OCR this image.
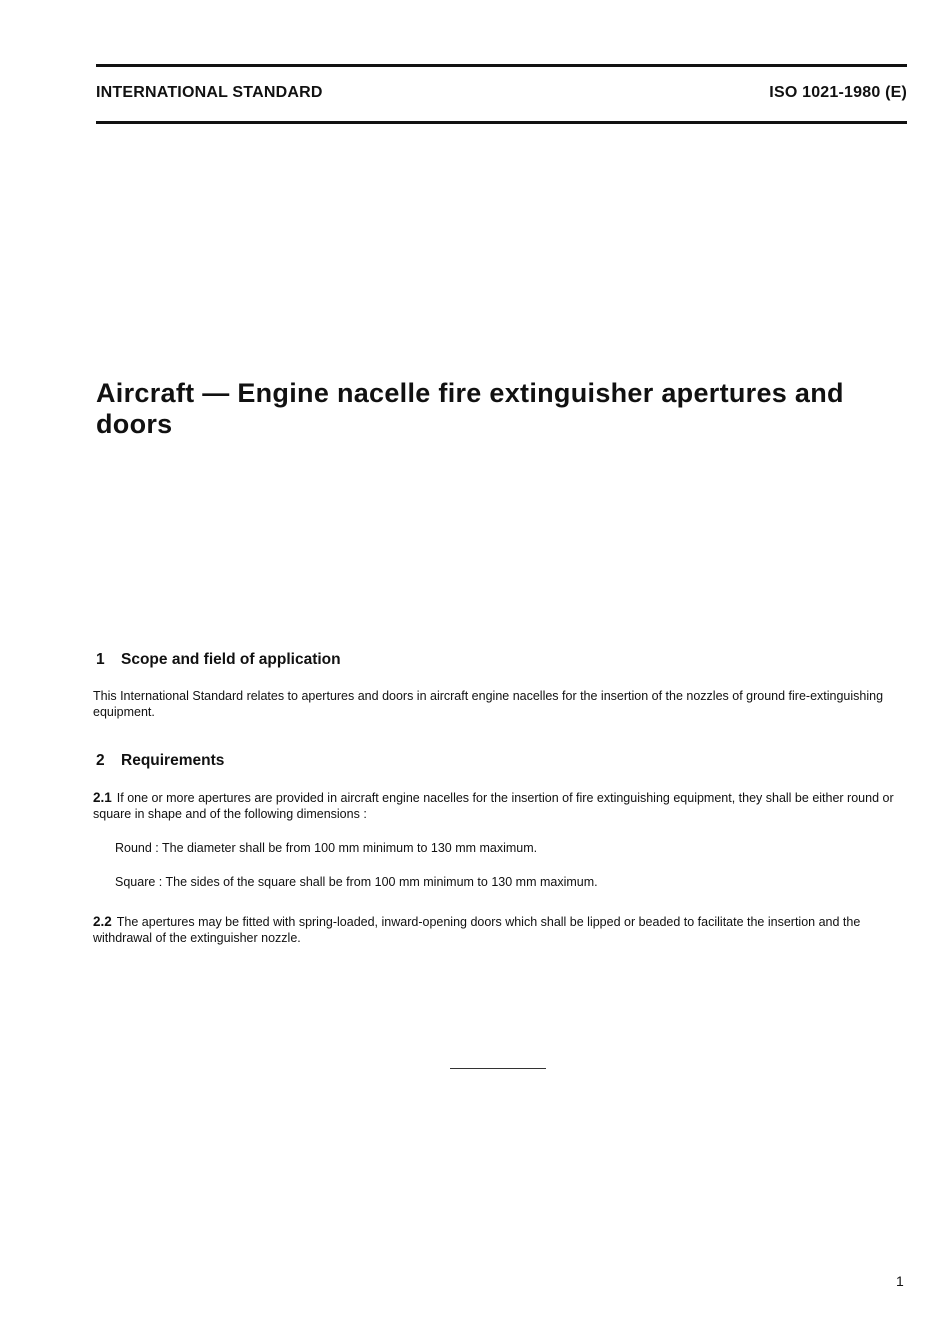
INTERNATIONAL STANDARD	ISO 1021-1980 (E)
Aircraft — Engine nacelle fire extinguisher apertures and doors
1 Scope and field of application

This International Standard relates to apertures and doors in aircraft engine nacelles for the insertion of the nozzles of ground fire-extinguishing equipment.

2 Requirements

2.1 If one or more apertures are provided in aircraft engine nacelles for the insertion of fire extinguishing equipment, they shall be either round or square in shape and of the following dimensions :

Round : The diameter shall be from 100 mm minimum to 130 mm maximum.

Square : The sides of the square shall be from 100 mm minimum to 130 mm maximum.

2.2 The apertures may be fitted with spring-loaded, inward-opening doors which shall be lipped or beaded to facilitate the insertion and the withdrawal of the extinguisher nozzle.

1
